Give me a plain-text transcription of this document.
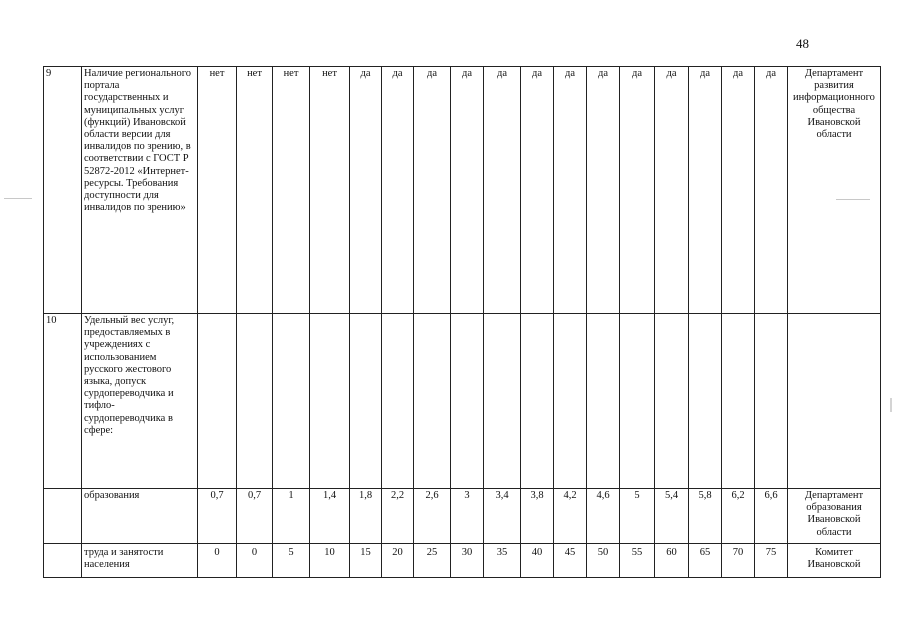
48
9	Наличие регионального портала государственных и муниципальных услуг (функций) Ивановской области версии для инвалидов по зрению, в соответствии с ГОСТ Р 52872-2012 «Интернет-ресурсы. Требования доступности для инвалидов по зрению»	нет	нет	нет	нет	да	да	да	да	да	да	да	да	да	да	да	да	да	Департамент развития информационного общества Ивановской области
10	Удельный вес услуг, предоставляемых в учреждениях с использованием русского жестового языка, допуск сурдопереводчика и тифло-сурдопереводчика в сфере:																		
	образования	0,7	0,7	1	1,4	1,8	2,2	2,6	3	3,4	3,8	4,2	4,6	5	5,4	5,8	6,2	6,6	Департамент образования Ивановской области
	труда и занятости населения	0	0	5	10	15	20	25	30	35	40	45	50	55	60	65	70	75	Комитет Ивановской
